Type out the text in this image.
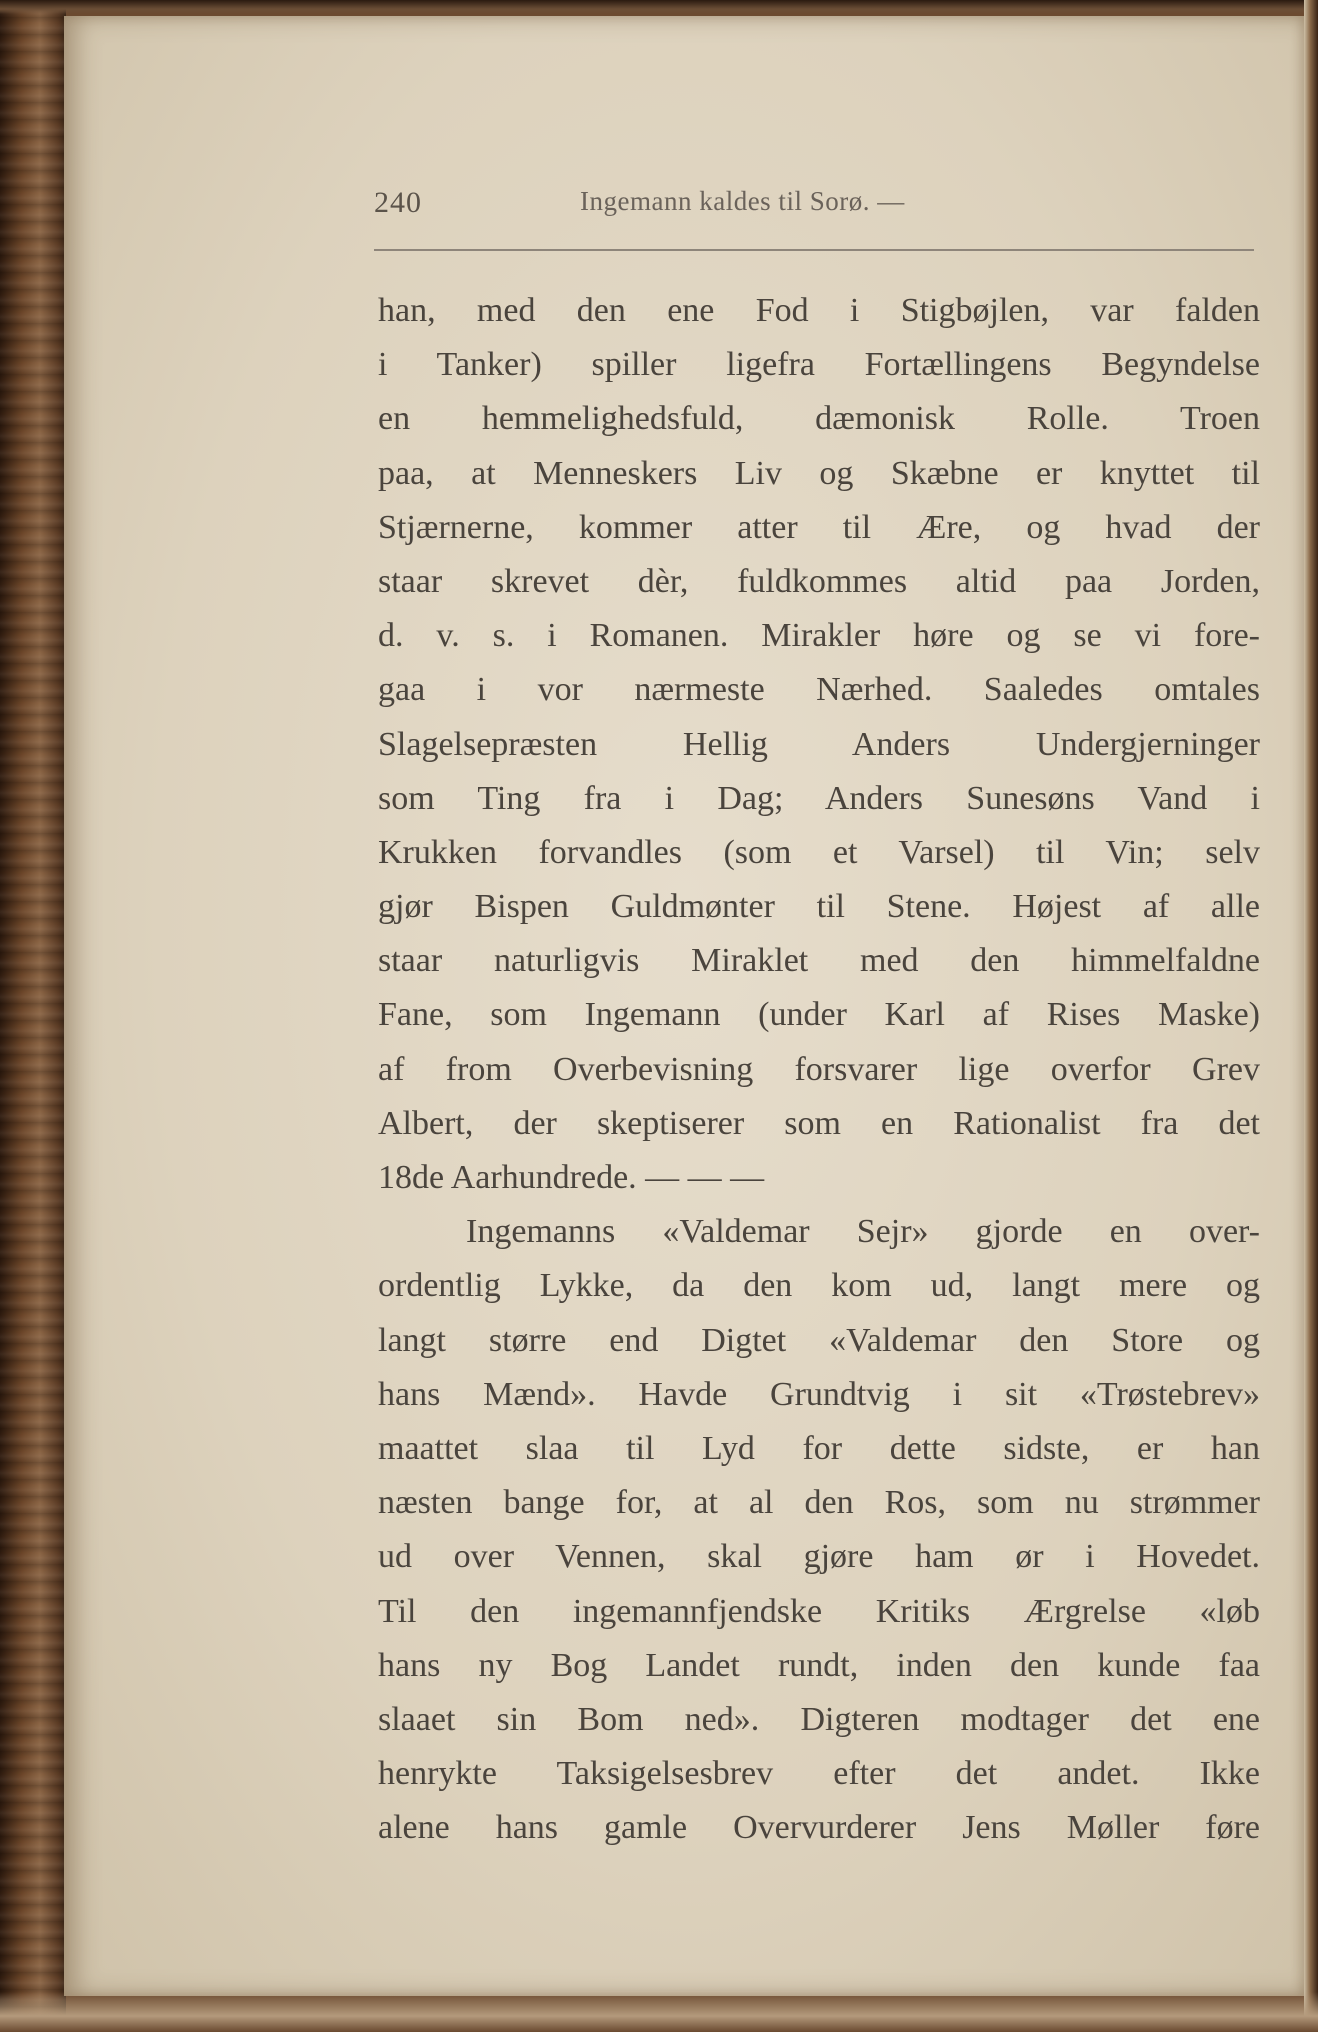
240	Ingemann kaldes til Sorø. —
han, med den ene Fod i Stigbøjlen, var falden
i Tanker) spiller ligefra Fortællingens Begyndelse
en hemmelighedsfuld, dæmonisk Rolle. Troen
paa, at Menneskers Liv og Skæbne er knyttet til
Stjærnerne, kommer atter til Ære, og hvad der
staar skrevet dèr, fuldkommes altid paa Jorden,
d. v. s. i Romanen. Mirakler høre og se vi fore-
gaa i vor nærmeste Nærhed. Saaledes omtales
Slagelsepræsten Hellig Anders Undergjerninger
som Ting fra i Dag; Anders Sunesøns Vand i
Krukken forvandles (som et Varsel) til Vin; selv
gjør Bispen Guldmønter til Stene. Højest af alle
staar naturligvis Miraklet med den himmelfaldne
Fane, som Ingemann (under Karl af Rises Maske)
af from Overbevisning forsvarer lige overfor Grev
Albert, der skeptiserer som en Rationalist fra det
18de Aarhundrede. — — —
Ingemanns «Valdemar Sejr» gjorde en over-
ordentlig Lykke, da den kom ud, langt mere og
langt større end Digtet «Valdemar den Store og
hans Mænd». Havde Grundtvig i sit «Trøstebrev»
maattet slaa til Lyd for dette sidste, er han
næsten bange for, at al den Ros, som nu strømmer
ud over Vennen, skal gjøre ham ør i Hovedet.
Til den ingemannfjendske Kritiks Ærgrelse «løb
hans ny Bog Landet rundt, inden den kunde faa
slaaet sin Bom ned». Digteren modtager det ene
henrykte Taksigelsesbrev efter det andet. Ikke
alene hans gamle Overvurderer Jens Møller føre
